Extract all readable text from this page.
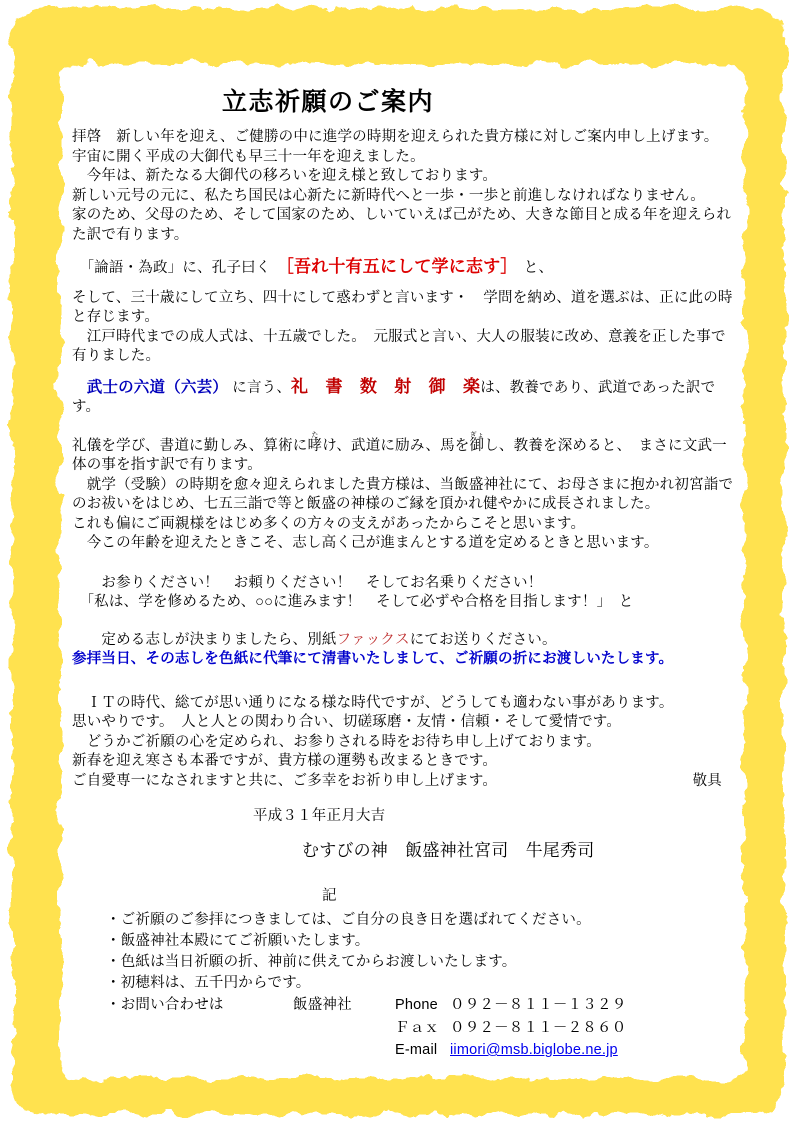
立志祈願のご案内
拝啓　新しい年を迎え、ご健勝の中に進学の時期を迎えられた貴方様に対しご案内申し上げます。
宇宙に開く平成の大御代も早三十一年を迎えました。
　今年は、新たなる大御代の移ろいを迎え様と致しております。
新しい元号の元に、私たち国民は心新たに新時代へと一歩・一歩と前進しなければなりません。
家のため、父母のため、そして国家のため、しいていえば己がため、大きな節目と成る年を迎えられた訳で有ります。
　「論語・為政」に、孔子曰く　［吾れ十有五にして学に志す］　と、
そして、三十歳にして立ち、四十にして惑わずと言います・　学問を納め、道を選ぶは、正に此の時と存じます。
　江戸時代までの成人式は、十五歳でした。　元服式と言い、大人の服装に改め、意義を正した事で有りました。
　武士の六道（六芸） に言う、礼　書　数　射　御　楽は、教養であり、武道であった訳です。
礼儀を学び、書道に勤しみ、算術に哮たけ、武道に励み、馬を御ぎょし、教養を深めると、　まさに文武一体の事を指す訳で有ります。
　就学（受験）の時期を愈々迎えられました貴方様は、当飯盛神社にて、お母さまに抱かれ初宮詣でのお祓いをはじめ、七五三詣で等と飯盛の神様のご縁を頂かれ健やかに成長されました。
これも偏にご両親様をはじめ多くの方々の支えがあったからこそと思います。
　今この年齢を迎えたときこそ、志し高く己が進まんとする道を定めるときと思います。
　　お参りください！　お頼りください！　そしてお名乗りください！
　「私は、学を修めるため、○○に進みます！　そして必ずや合格を目指します！」　と
　　定める志しが決まりましたら、別紙ファックスにてお送りください。
参拝当日、その志しを色紙に代筆にて清書いたしまして、ご祈願の折にお渡しいたします。
　ＩＴの時代、総てが思い通りになる様な時代ですが、どうしても適わない事があります。
思いやりです。　人と人との関わり合い、切磋琢磨・友情・信頼・そして愛情です。
　どうかご祈願の心を定められ、お参りされる時をお待ち申し上げております。
新春を迎え寒さも本番ですが、貴方様の運勢も改まるときです。
ご自愛専一になされますと共に、ご多幸をお祈り申し上げます。	敬具
平成３１年正月大吉
むすびの神　飯盛神社宮司　牛尾秀司
記
・ご祈願のご参拝につきましては、ご自分の良き日を選ばれてください。
・飯盛神社本殿にてご祈願いたします。
・色紙は当日祈願の折、神前に供えてからお渡しいたします。
・初穂料は、五千円からです。
・お問い合わせは	飯盛神社	Phone ０９２－８１１－１３２９
Ｆａｘ ０９２－８１１－２８６０
E-mail iimori@msb.biglobe.ne.jp
